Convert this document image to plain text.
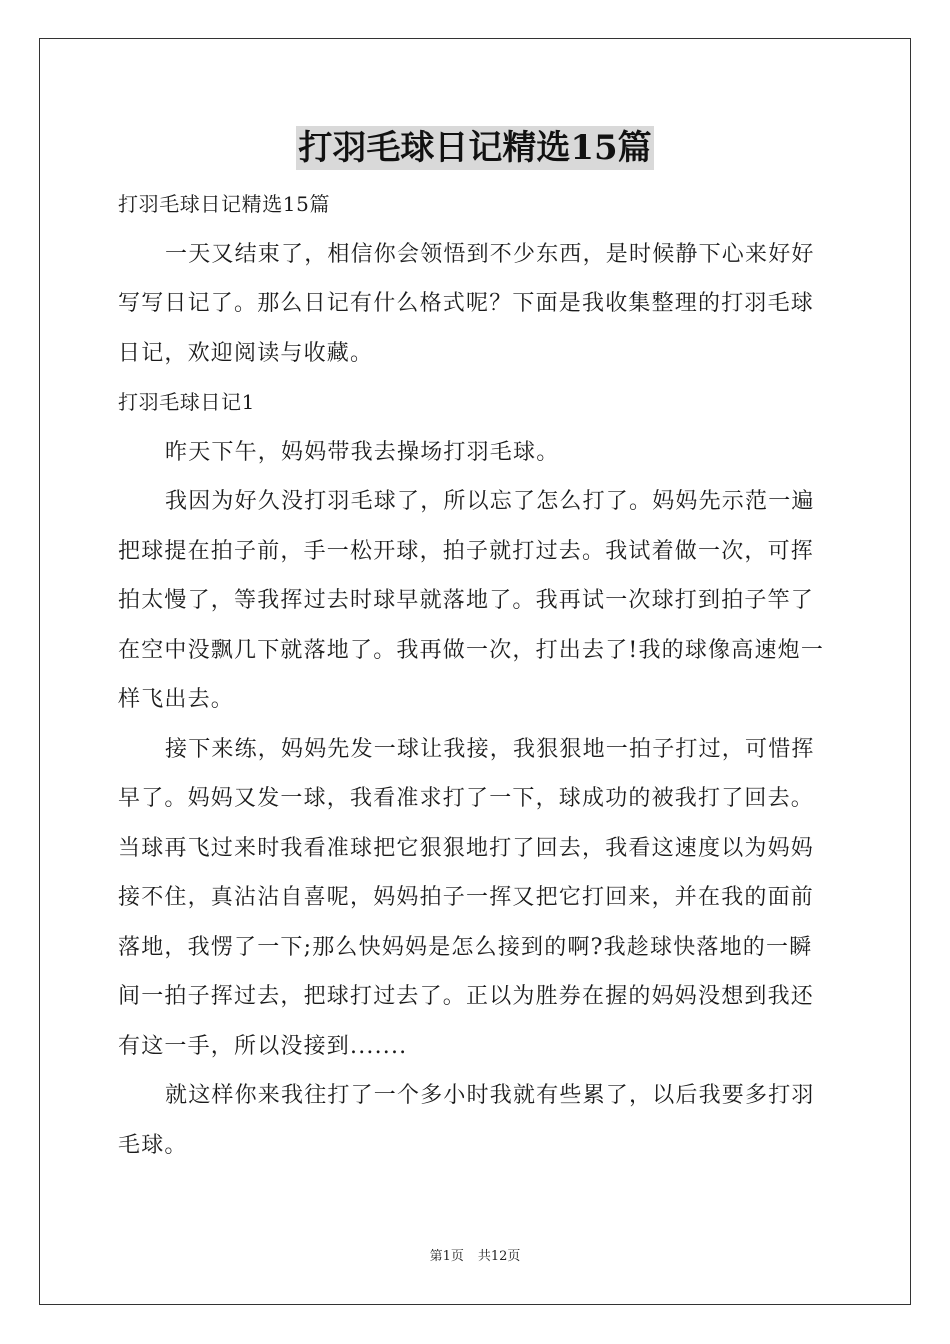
打羽毛球日记精选15篇

打羽毛球日记精选15篇

一天又结束了，相信你会领悟到不少东西，是时候静下心来好好写写日记了。那么日记有什么格式呢？下面是我收集整理的打羽毛球日记，欢迎阅读与收藏。

打羽毛球日记1

昨天下午，妈妈带我去操场打羽毛球。

我因为好久没打羽毛球了，所以忘了怎么打了。妈妈先示范一遍把球提在拍子前，手一松开球，拍子就打过去。我试着做一次，可挥拍太慢了，等我挥过去时球早就落地了。我再试一次球打到拍子竿了在空中没飘几下就落地了。我再做一次，打出去了!我的球像高速炮一样飞出去。

接下来练，妈妈先发一球让我接，我狠狠地一拍子打过，可惜挥早了。妈妈又发一球，我看准求打了一下，球成功的被我打了回去。当球再飞过来时我看准球把它狠狠地打了回去，我看这速度以为妈妈接不住，真沾沾自喜呢，妈妈拍子一挥又把它打回来，并在我的面前落地，我愣了一下;那么快妈妈是怎么接到的啊?我趁球快落地的一瞬间一拍子挥过去，把球打过去了。正以为胜券在握的妈妈没想到我还有这一手，所以没接到.......

就这样你来我往打了一个多小时我就有些累了，以后我要多打羽毛球。

第1页 共12页
